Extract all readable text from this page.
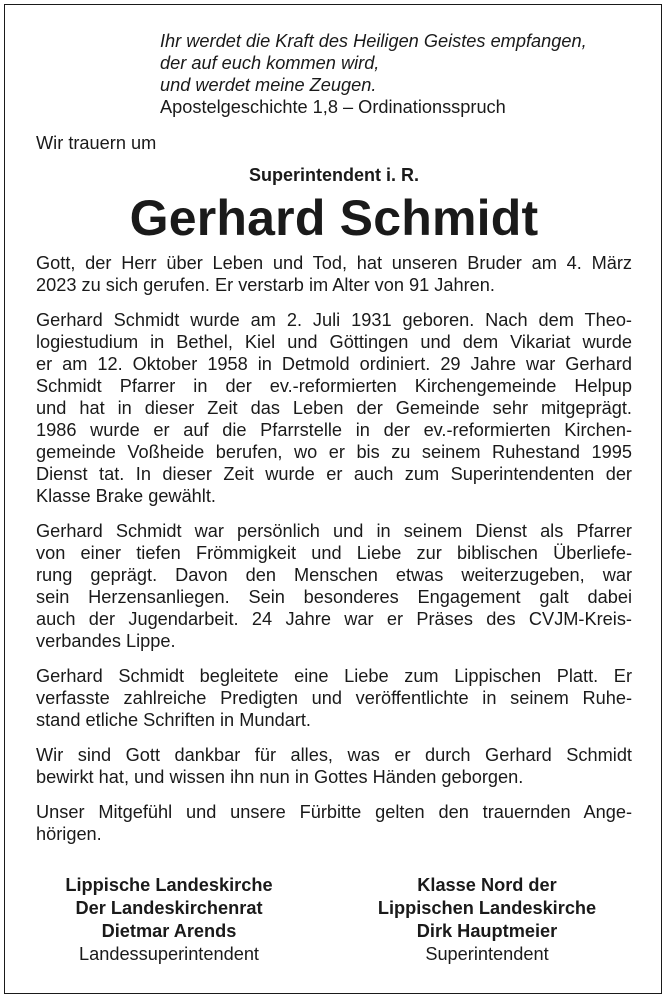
Ihr werdet die Kraft des Heiligen Geistes empfangen,
der auf euch kommen wird,
und werdet meine Zeugen.
Apostelgeschichte 1,8 – Ordinationsspruch
Wir trauern um
Superintendent i. R.
Gerhard Schmidt

Gott, der Herr über Leben und Tod, hat unseren Bruder am 4. März
2023 zu sich gerufen. Er verstarb im Alter von 91 Jahren.

Gerhard Schmidt wurde am 2. Juli 1931 geboren. Nach dem Theo-
logiestudium in Bethel, Kiel und Göttingen und dem Vikariat wurde
er am 12. Oktober 1958 in Detmold ordiniert. 29 Jahre war Gerhard
Schmidt Pfarrer in der ev.-reformierten Kirchengemeinde Helpup
und hat in dieser Zeit das Leben der Gemeinde sehr mitgeprägt.
1986 wurde er auf die Pfarrstelle in der ev.-reformierten Kirchen-
gemeinde Voßheide berufen, wo er bis zu seinem Ruhestand 1995
Dienst tat. In dieser Zeit wurde er auch zum Superintendenten der
Klasse Brake gewählt.

Gerhard Schmidt war persönlich und in seinem Dienst als Pfarrer
von einer tiefen Frömmigkeit und Liebe zur biblischen Überliefe-
rung geprägt. Davon den Menschen etwas weiterzugeben, war
sein Herzensanliegen. Sein besonderes Engagement galt dabei
auch der Jugendarbeit. 24 Jahre war er Präses des CVJM-Kreis-
verbandes Lippe.

Gerhard Schmidt begleitete eine Liebe zum Lippischen Platt. Er
verfasste zahlreiche Predigten und veröffentlichte in seinem Ruhe-
stand etliche Schriften in Mundart.

Wir sind Gott dankbar für alles, was er durch Gerhard Schmidt
bewirkt hat, und wissen ihn nun in Gottes Händen geborgen.

Unser Mitgefühl und unsere Fürbitte gelten den trauernden Ange-
hörigen.

Lippische Landeskirche
Der Landeskirchenrat
Dietmar Arends
Landessuperintendent
Klasse Nord der
Lippischen Landeskirche
Dirk Hauptmeier
Superintendent
